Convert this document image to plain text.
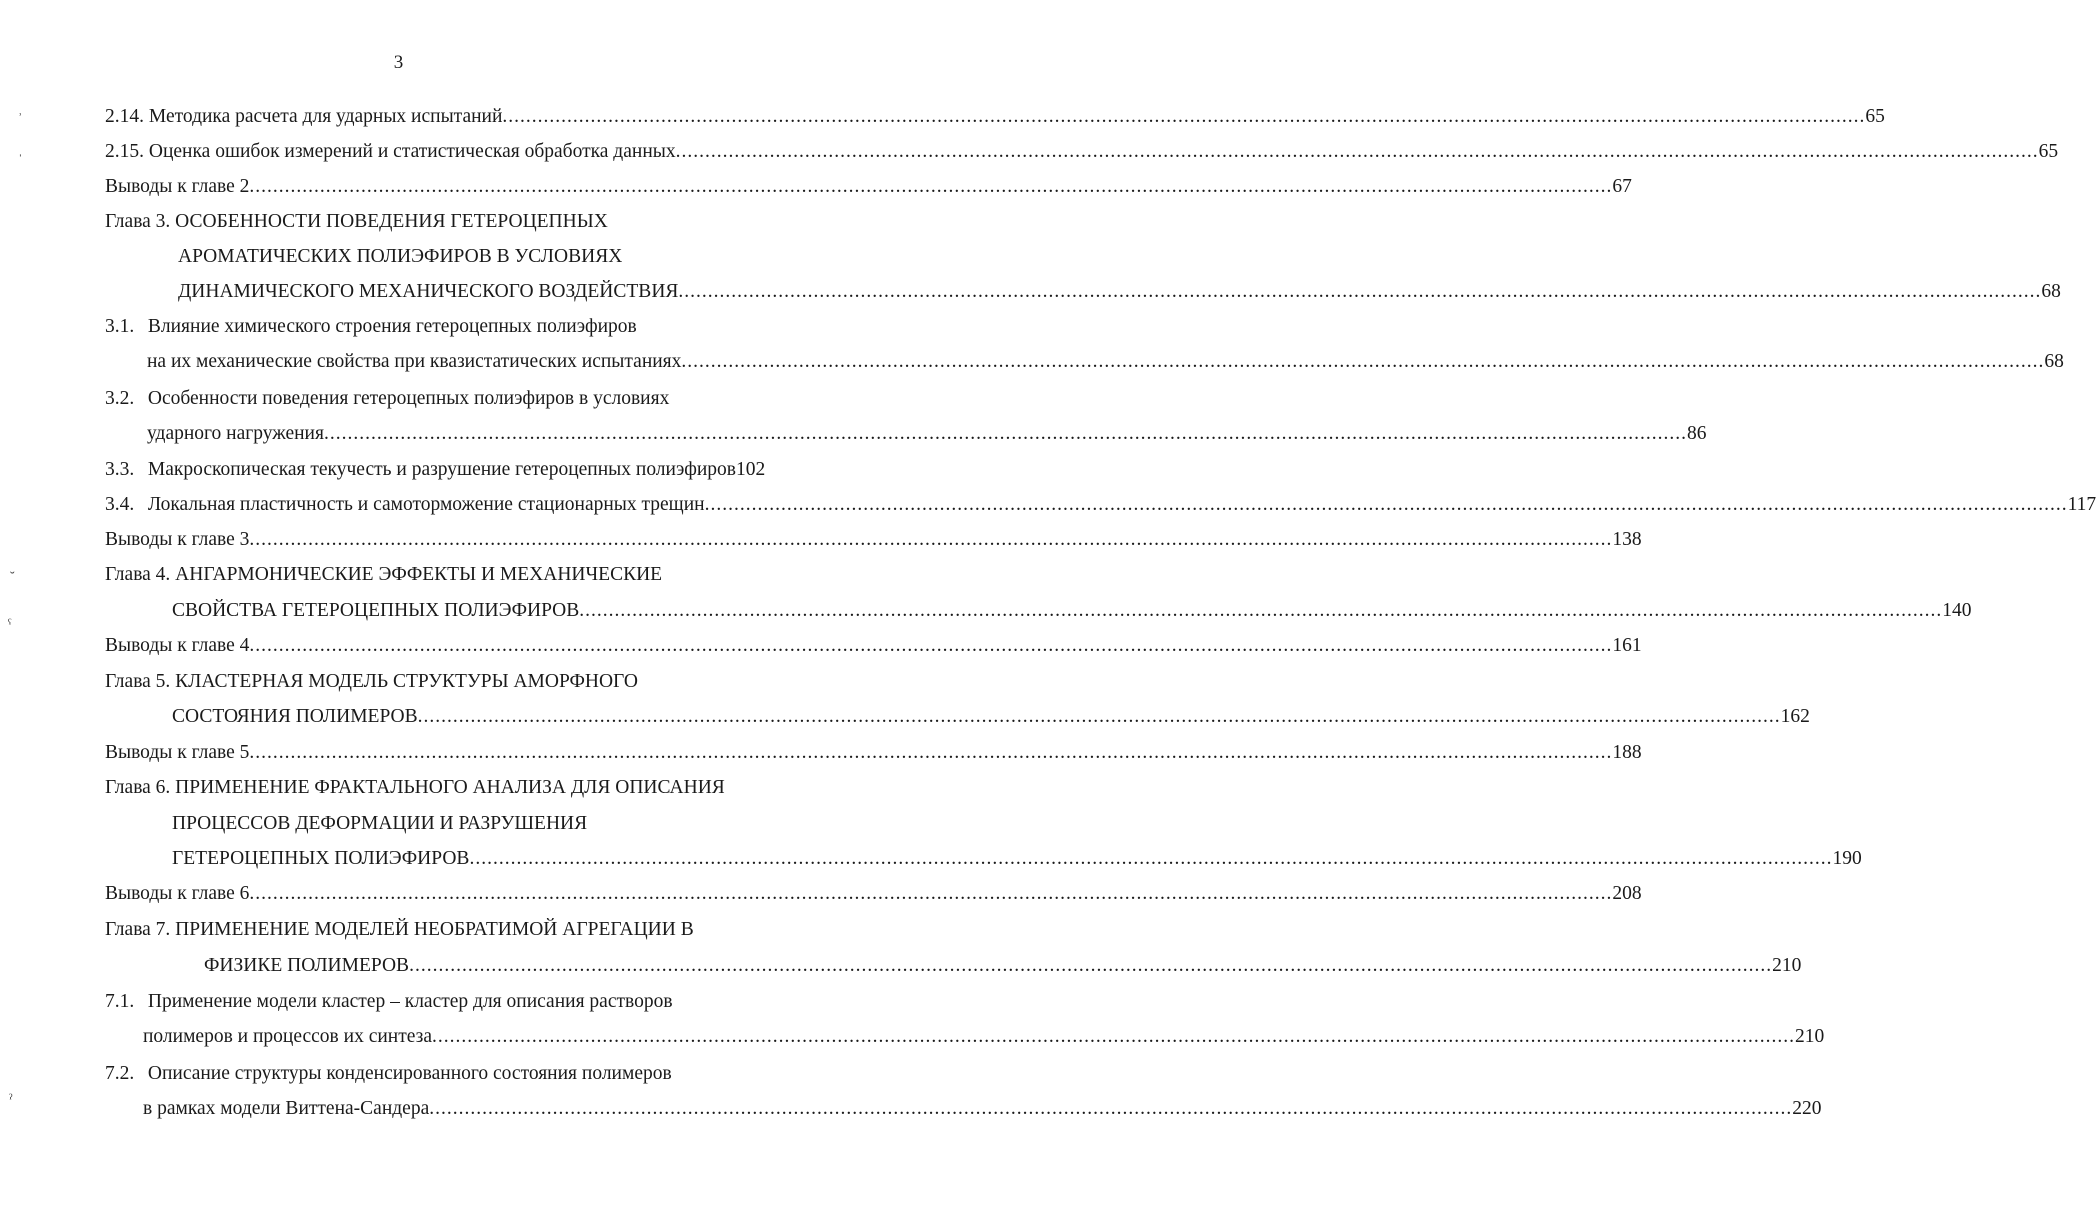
3
˒
ˈ
˘
ˁ
ˀ
2.14. Методика расчета для ударных испытаний .....	65
2.15. Оценка ошибок измерений и статистическая обработка данных .....	65
Выводы к главе 2 .....	67
Глава 3. ОСОБЕННОСТИ ПОВЕДЕНИЯ ГЕТЕРОЦЕПНЫХ
АРОМАТИЧЕСКИХ ПОЛИЭФИРОВ В УСЛОВИЯХ
ДИНАМИЧЕСКОГО МЕХАНИЧЕСКОГО ВОЗДЕЙСТВИЯ .....	68
3.1. Влияние химического строения гетероцепных полиэфиров
на их механические свойства при квазистатических испытаниях .....	68
3.2. Особенности поведения гетероцепных полиэфиров в условиях
ударного нагружения .....	86
3.3. Макроскопическая текучесть и разрушение гетероцепных полиэфиров 102
3.4. Локальная пластичность и самоторможение стационарных трещин .....	117
Выводы к главе 3 .....	138
Глава 4. АНГАРМОНИЧЕСКИЕ ЭФФЕКТЫ И МЕХАНИЧЕСКИЕ
СВОЙСТВА ГЕТЕРОЦЕПНЫХ ПОЛИЭФИРОВ .....	140
Выводы к главе 4 .....	161
Глава 5. КЛАСТЕРНАЯ МОДЕЛЬ СТРУКТУРЫ АМОРФНОГО
СОСТОЯНИЯ ПОЛИМЕРОВ .....	162
Выводы к главе 5 .....	188
Глава 6. ПРИМЕНЕНИЕ ФРАКТАЛЬНОГО АНАЛИЗА ДЛЯ ОПИСАНИЯ
ПРОЦЕССОВ ДЕФОРМАЦИИ И РАЗРУШЕНИЯ
ГЕТЕРОЦЕПНЫХ ПОЛИЭФИРОВ .....	190
Выводы к главе 6 .....	208
Глава 7. ПРИМЕНЕНИЕ МОДЕЛЕЙ НЕОБРАТИМОЙ АГРЕГАЦИИ В
ФИЗИКЕ ПОЛИМЕРОВ .....	210
7.1. Применение модели кластер – кластер для описания растворов
полимеров и процессов их синтеза .....	210
7.2. Описание структуры конденсированного состояния полимеров
в рамках модели Виттена-Сандера .....	220
